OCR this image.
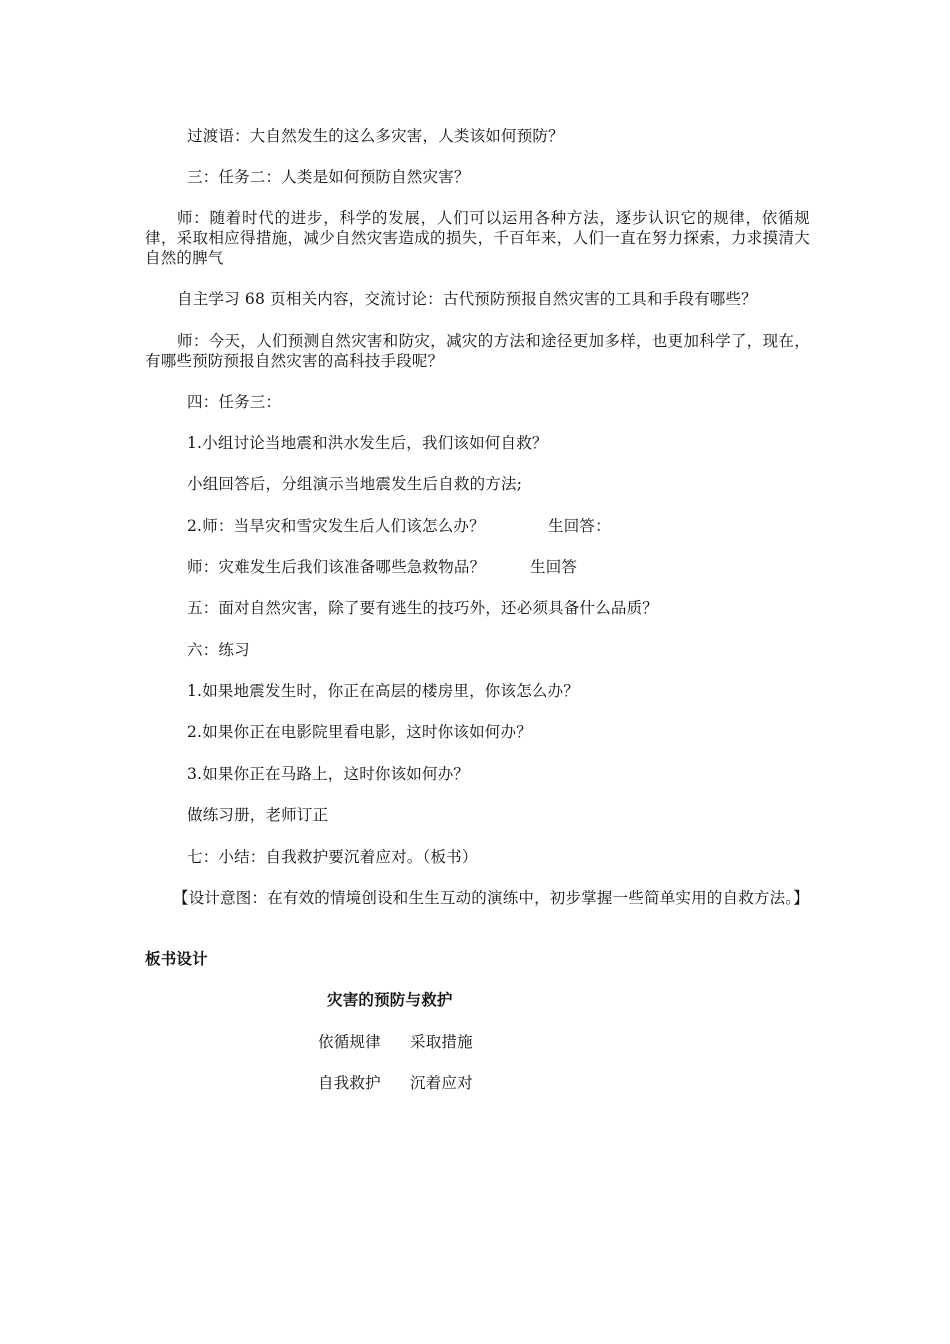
过渡语：大自然发生的这么多灾害，人类该如何预防？
三：任务二：人类是如何预防自然灾害？
师：随着时代的进步，科学的发展，人们可以运用各种方法，逐步认识它的规律，依循规律，采取相应得措施，减少自然灾害造成的损失，千百年来，人们一直在努力探索，力求摸清大自然的脾气
自主学习 68 页相关内容，交流讨论：古代预防预报自然灾害的工具和手段有哪些？
师：今天，人们预测自然灾害和防灾，减灾的方法和途径更加多样，也更加科学了，现在，有哪些预防预报自然灾害的高科技手段呢？
四：任务三：
1.小组讨论当地震和洪水发生后，我们该如何自救？
小组回答后，分组演示当地震发生后自救的方法;
2.师：当旱灾和雪灾发生后人们该怎么办？	生回答：
师：灾难发生后我们该准备哪些急救物品？	生回答
五：面对自然灾害，除了要有逃生的技巧外，还必须具备什么品质？
六：练习
1.如果地震发生时，你正在高层的楼房里，你该怎么办？
2.如果你正在电影院里看电影，这时你该如何办？
3.如果你正在马路上，这时你该如何办？
做练习册，老师订正
七：小结：自我救护要沉着应对。（板书）
【设计意图：在有效的情境创设和生生互动的演练中，初步掌握一些简单实用的自救方法。】
板书设计
灾害的预防与救护
依循规律 采取措施
自我救护 沉着应对
